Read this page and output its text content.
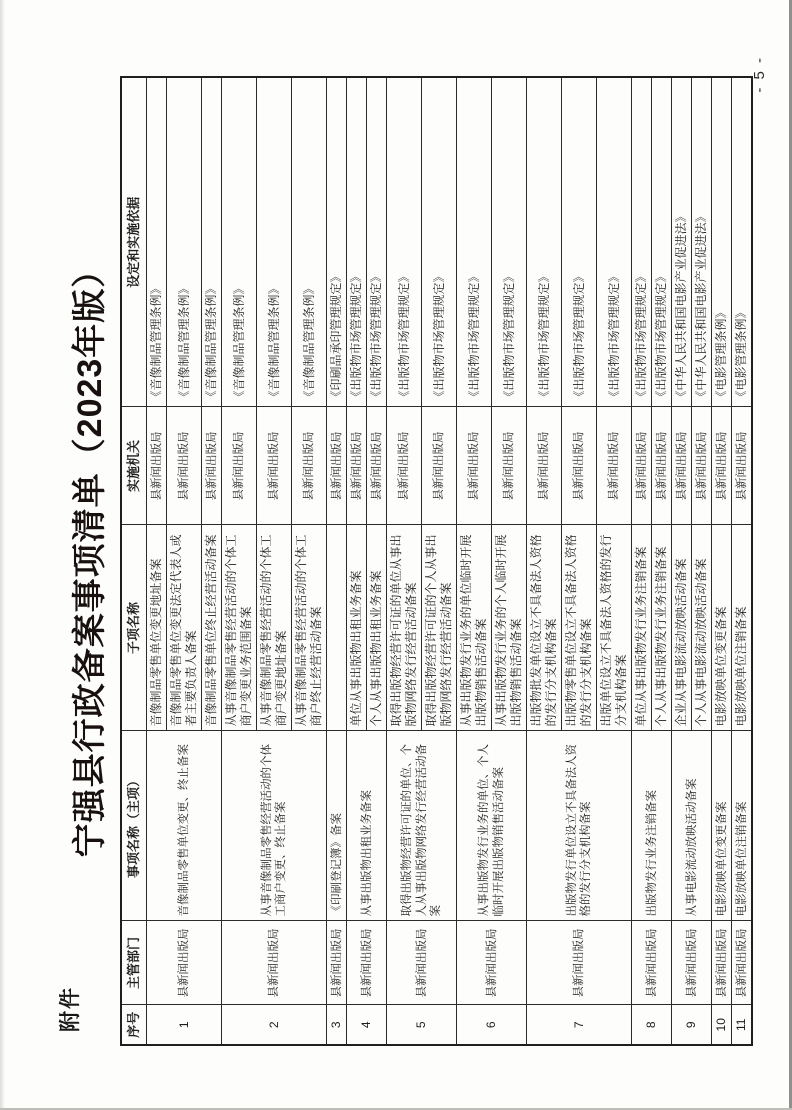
附件
宁强县行政备案事项清单（2023年版）
序号	主管部门	事项名称（主项）	子项名称	实施机关	设定和实施依据
1	县新闻出版局	音像制品零售单位变更、终止备案	音像制品零售单位变更地址备案	县新闻出版局	《音像制品管理条例》
			音像制品零售单位变更法定代表人或者主要负责人备案	县新闻出版局	《音像制品管理条例》
			音像制品零售单位终止经营活动备案	县新闻出版局	《音像制品管理条例》
2	县新闻出版局	从事音像制品零售经营活动的个体工商户变更、终止备案	从事音像制品零售经营活动的个体工商户变更业务范围备案	县新闻出版局	《音像制品管理条例》
			从事音像制品零售经营活动的个体工商户变更地址备案	县新闻出版局	《音像制品管理条例》
			从事音像制品零售经营活动的个体工商户终止经营活动备案	县新闻出版局	《音像制品管理条例》
3	县新闻出版局	《印刷登记簿》备案		县新闻出版局	《印刷品承印管理规定》
4	县新闻出版局	从事出版物出租业务备案	单位从事出版物出租业务备案	县新闻出版局	《出版物市场管理规定》
			个人从事出版物出租业务备案	县新闻出版局	《出版物市场管理规定》
5	县新闻出版局	取得出版物经营许可证的单位、个人从事出版物网络发行经营活动备案	取得出版物经营许可证的单位从事出版物网络发行经营活动备案	县新闻出版局	《出版物市场管理规定》
			取得出版物经营许可证的个人从事出版物网络发行经营活动备案	县新闻出版局	《出版物市场管理规定》
6	县新闻出版局	从事出版物发行业务的单位、个人临时开展出版物销售活动备案	从事出版物发行业务的单位临时开展出版物销售活动备案	县新闻出版局	《出版物市场管理规定》
			从事出版物发行业务的个人临时开展出版物销售活动备案	县新闻出版局	《出版物市场管理规定》
7	县新闻出版局	出版物发行单位设立不具备法人资格的发行分支机构备案	出版物批发单位设立不具备法人资格的发行分支机构备案	县新闻出版局	《出版物市场管理规定》
			出版物零售单位设立不具备法人资格的发行分支机构备案	县新闻出版局	《出版物市场管理规定》
			出版单位设立不具备法人资格的发行分支机构备案	县新闻出版局	《出版物市场管理规定》
8	县新闻出版局	出版物发行业务注销备案	单位从事出版物发行业务注销备案	县新闻出版局	《出版物市场管理规定》
			个人从事出版物发行业务注销备案	县新闻出版局	《出版物市场管理规定》
9	县新闻出版局	从事电影流动放映活动备案	企业从事电影流动放映活动备案	县新闻出版局	《中华人民共和国电影产业促进法》
			个人从事电影流动放映活动备案	县新闻出版局	《中华人民共和国电影产业促进法》
10	县新闻出版局	电影放映单位变更备案	电影放映单位变更备案	县新闻出版局	《电影管理条例》
11	县新闻出版局	电影放映单位注销备案	电影放映单位注销备案	县新闻出版局	《电影管理条例》
- 5 -
